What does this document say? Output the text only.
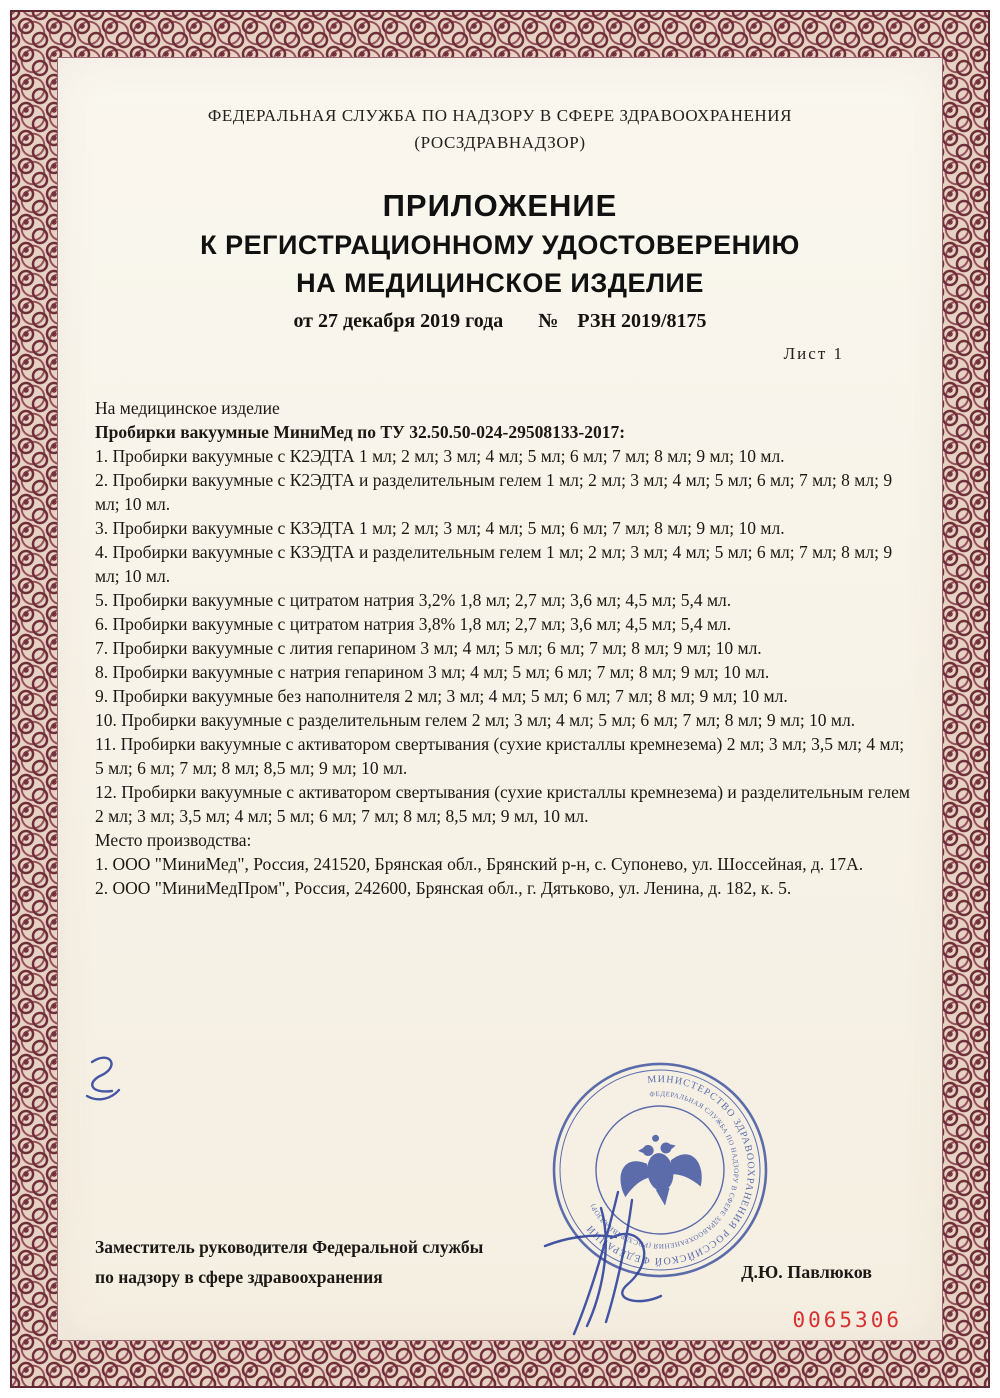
ФЕДЕРАЛЬНАЯ СЛУЖБА ПО НАДЗОРУ В СФЕРЕ ЗДРАВООХРАНЕНИЯ
(РОСЗДРАВНАДЗОР)
ПРИЛОЖЕНИЕ
К РЕГИСТРАЦИОННОМУ УДОСТОВЕРЕНИЮ
НА МЕДИЦИНСКОЕ ИЗДЕЛИЕ
от 27 декабря 2019 года № РЗН 2019/8175
Лист 1

На медицинское изделие

Пробирки вакуумные МиниМед по ТУ 32.50.50-024-29508133-2017:

1. Пробирки вакуумные с К2ЭДТА 1 мл; 2 мл; 3 мл; 4 мл; 5 мл; 6 мл; 7 мл; 8 мл; 9 мл; 10 мл.

2. Пробирки вакуумные с К2ЭДТА и разделительным гелем 1 мл; 2 мл; 3 мл; 4 мл; 5 мл; 6 мл; 7 мл; 8 мл; 9 мл; 10 мл.

3. Пробирки вакуумные с КЗЭДТА 1 мл; 2 мл; 3 мл; 4 мл; 5 мл; 6 мл; 7 мл; 8 мл; 9 мл; 10 мл.

4. Пробирки вакуумные с КЗЭДТА и разделительным гелем 1 мл; 2 мл; 3 мл; 4 мл; 5 мл; 6 мл; 7 мл; 8 мл; 9 мл; 10 мл.

5. Пробирки вакуумные с цитратом натрия 3,2% 1,8 мл; 2,7 мл; 3,6 мл; 4,5 мл; 5,4 мл.

6. Пробирки вакуумные с цитратом натрия 3,8% 1,8 мл; 2,7 мл; 3,6 мл; 4,5 мл; 5,4 мл.

7. Пробирки вакуумные с лития гепарином 3 мл; 4 мл; 5 мл; 6 мл; 7 мл; 8 мл; 9 мл; 10 мл.

8. Пробирки вакуумные с натрия гепарином 3 мл; 4 мл; 5 мл; 6 мл; 7 мл; 8 мл; 9 мл; 10 мл.

9. Пробирки вакуумные без наполнителя 2 мл; 3 мл; 4 мл; 5 мл; 6 мл; 7 мл; 8 мл; 9 мл; 10 мл.

10. Пробирки вакуумные с разделительным гелем 2 мл; 3 мл; 4 мл; 5 мл; 6 мл; 7 мл; 8 мл; 9 мл; 10 мл.

11. Пробирки вакуумные с активатором свертывания (сухие кристаллы кремнезема) 2 мл; 3 мл; 3,5 мл; 4 мл; 5 мл; 6 мл; 7 мл; 8 мл; 8,5 мл; 9 мл; 10 мл.

12. Пробирки вакуумные с активатором свертывания (сухие кристаллы кремнезема) и разделительным гелем 2 мл; 3 мл; 3,5 мл; 4 мл; 5 мл; 6 мл; 7 мл; 8 мл; 8,5 мл; 9 мл, 10 мл.

Место производства:

1. ООО "МиниМед", Россия, 241520, Брянская обл., Брянский р-н, с. Супонево, ул. Шоссейная, д. 17А.

2. ООО "МиниМедПром", Россия, 242600, Брянская обл., г. Дятьково, ул. Ленина, д. 182, к. 5.

Заместитель руководителя Федеральной службы
по надзору в сфере здравоохранения	Д.Ю. Павлюков
0065306
МИНИСТЕРСТВО ЗДРАВООХРАНЕНИЯ РОССИЙСКОЙ ФЕДЕРАЦИИ
ФЕДЕРАЛЬНАЯ СЛУЖБА ПО НАДЗОРУ В СФЕРЕ ЗДРАВООХРАНЕНИЯ (РОСЗДРАВНАДЗОР)
